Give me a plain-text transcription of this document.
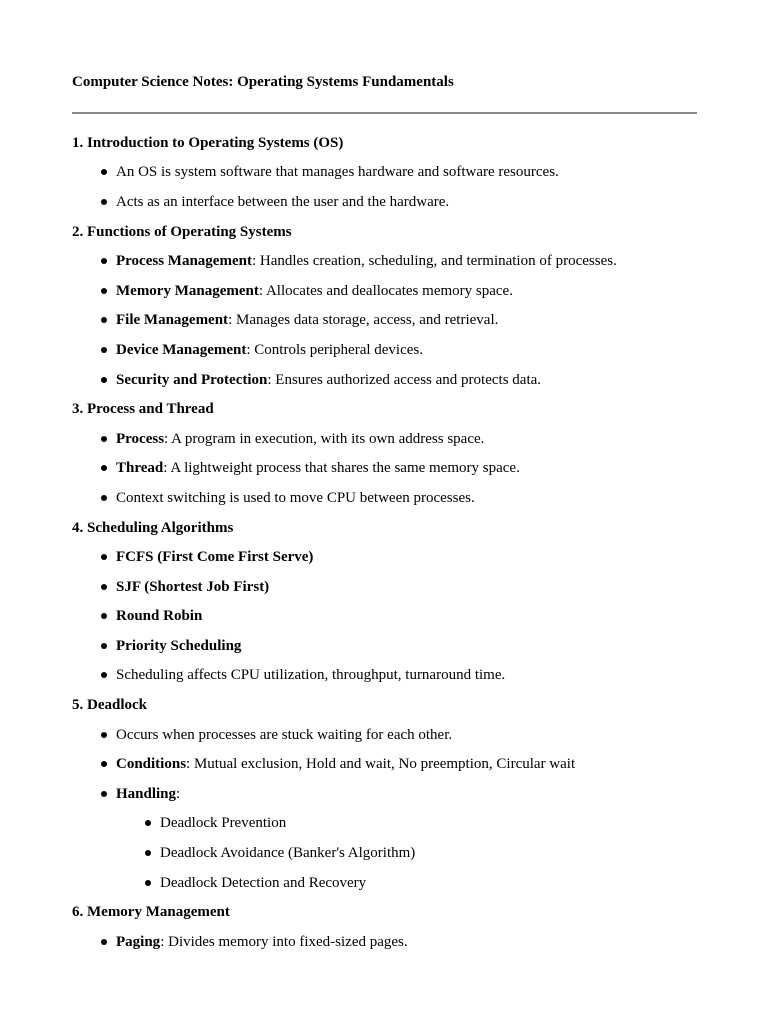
Computer Science Notes: Operating Systems Fundamentals
1. Introduction to Operating Systems (OS)
An OS is system software that manages hardware and software resources.
Acts as an interface between the user and the hardware.
2. Functions of Operating Systems
Process Management: Handles creation, scheduling, and termination of processes.
Memory Management: Allocates and deallocates memory space.
File Management: Manages data storage, access, and retrieval.
Device Management: Controls peripheral devices.
Security and Protection: Ensures authorized access and protects data.
3. Process and Thread
Process: A program in execution, with its own address space.
Thread: A lightweight process that shares the same memory space.
Context switching is used to move CPU between processes.
4. Scheduling Algorithms
FCFS (First Come First Serve)
SJF (Shortest Job First)
Round Robin
Priority Scheduling
Scheduling affects CPU utilization, throughput, turnaround time.
5. Deadlock
Occurs when processes are stuck waiting for each other.
Conditions: Mutual exclusion, Hold and wait, No preemption, Circular wait
Handling:
Deadlock Prevention
Deadlock Avoidance (Banker's Algorithm)
Deadlock Detection and Recovery
6. Memory Management
Paging: Divides memory into fixed-sized pages.
